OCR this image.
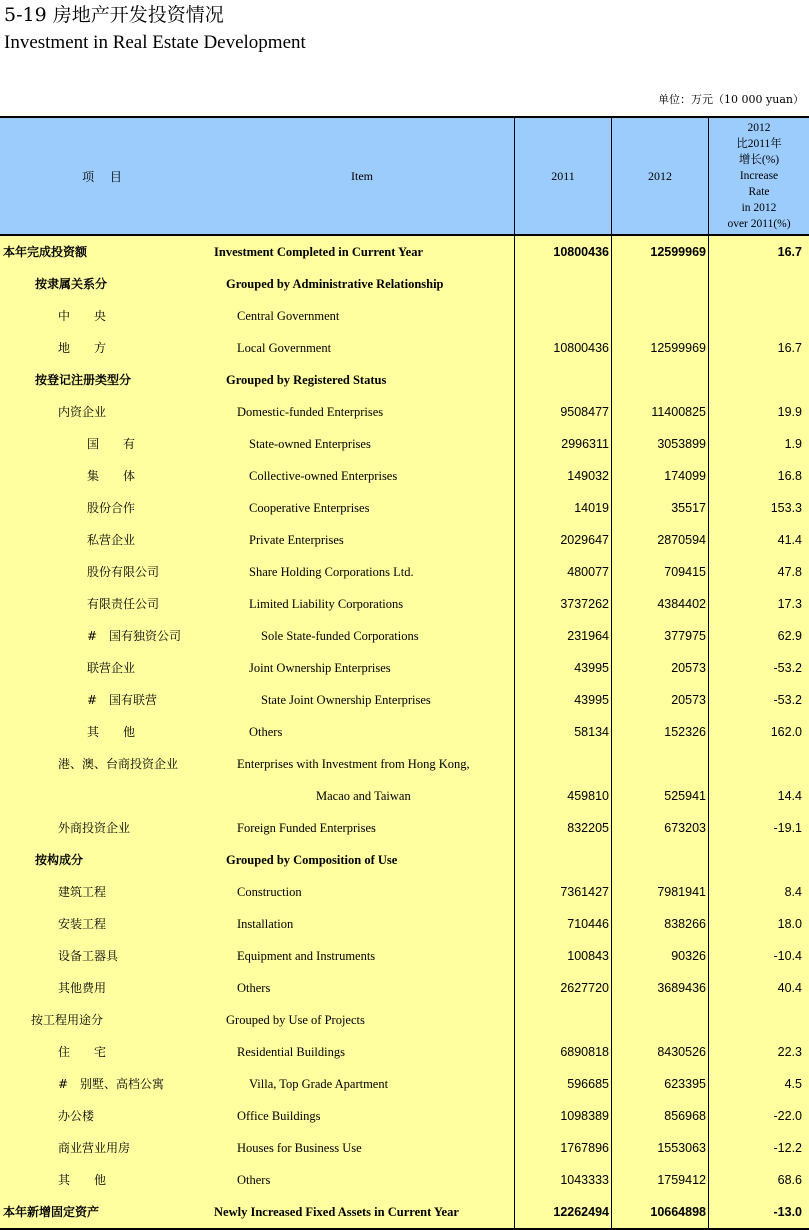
5-19 房地产开发投资情况
Investment in Real Estate Development
单位：万元（10 000 yuan）
项 目	Item	2011	2012
2012
比2011年
增长(%)
Increase
Rate
in 2012
over 2011(%)
本年完成投资额	Investment Completed in Current Year	10800436	12599969	16.7
按隶属关系分	Grouped by Administrative Relationship
中　　央	Central Government
地　　方	Local Government	10800436	12599969	16.7
按登记注册类型分	Grouped by Registered Status
内资企业	Domestic-funded Enterprises	9508477	11400825	19.9
国　　有	State-owned Enterprises	2996311	3053899	1.9
集　　体	Collective-owned Enterprises	149032	174099	16.8
股份合作	Cooperative Enterprises	14019	35517	153.3
私营企业	Private Enterprises	2029647	2870594	41.4
股份有限公司	Share Holding Corporations Ltd.	480077	709415	47.8
有限责任公司	Limited Liability Corporations	3737262	4384402	17.3
#　国有独资公司	Sole State-funded Corporations	231964	377975	62.9
联营企业	Joint Ownership Enterprises	43995	20573	-53.2
#　国有联营	State Joint Ownership Enterprises	43995	20573	-53.2
其　　他	Others	58134	152326	162.0
港、澳、台商投资企业	Enterprises with Investment from Hong Kong,
Macao and Taiwan	459810	525941	14.4
外商投资企业	Foreign Funded Enterprises	832205	673203	-19.1
按构成分	Grouped by Composition of Use
建筑工程	Construction	7361427	7981941	8.4
安装工程	Installation	710446	838266	18.0
设备工器具	Equipment and Instruments	100843	90326	-10.4
其他费用	Others	2627720	3689436	40.4
按工程用途分	Grouped by Use of Projects
住　　宅	Residential Buildings	6890818	8430526	22.3
#　别墅、高档公寓	Villa, Top Grade Apartment	596685	623395	4.5
办公楼	Office Buildings	1098389	856968	-22.0
商业营业用房	Houses for Business Use	1767896	1553063	-12.2
其　　他	Others	1043333	1759412	68.6
本年新增固定资产	Newly Increased Fixed Assets in Current Year	12262494	10664898	-13.0
